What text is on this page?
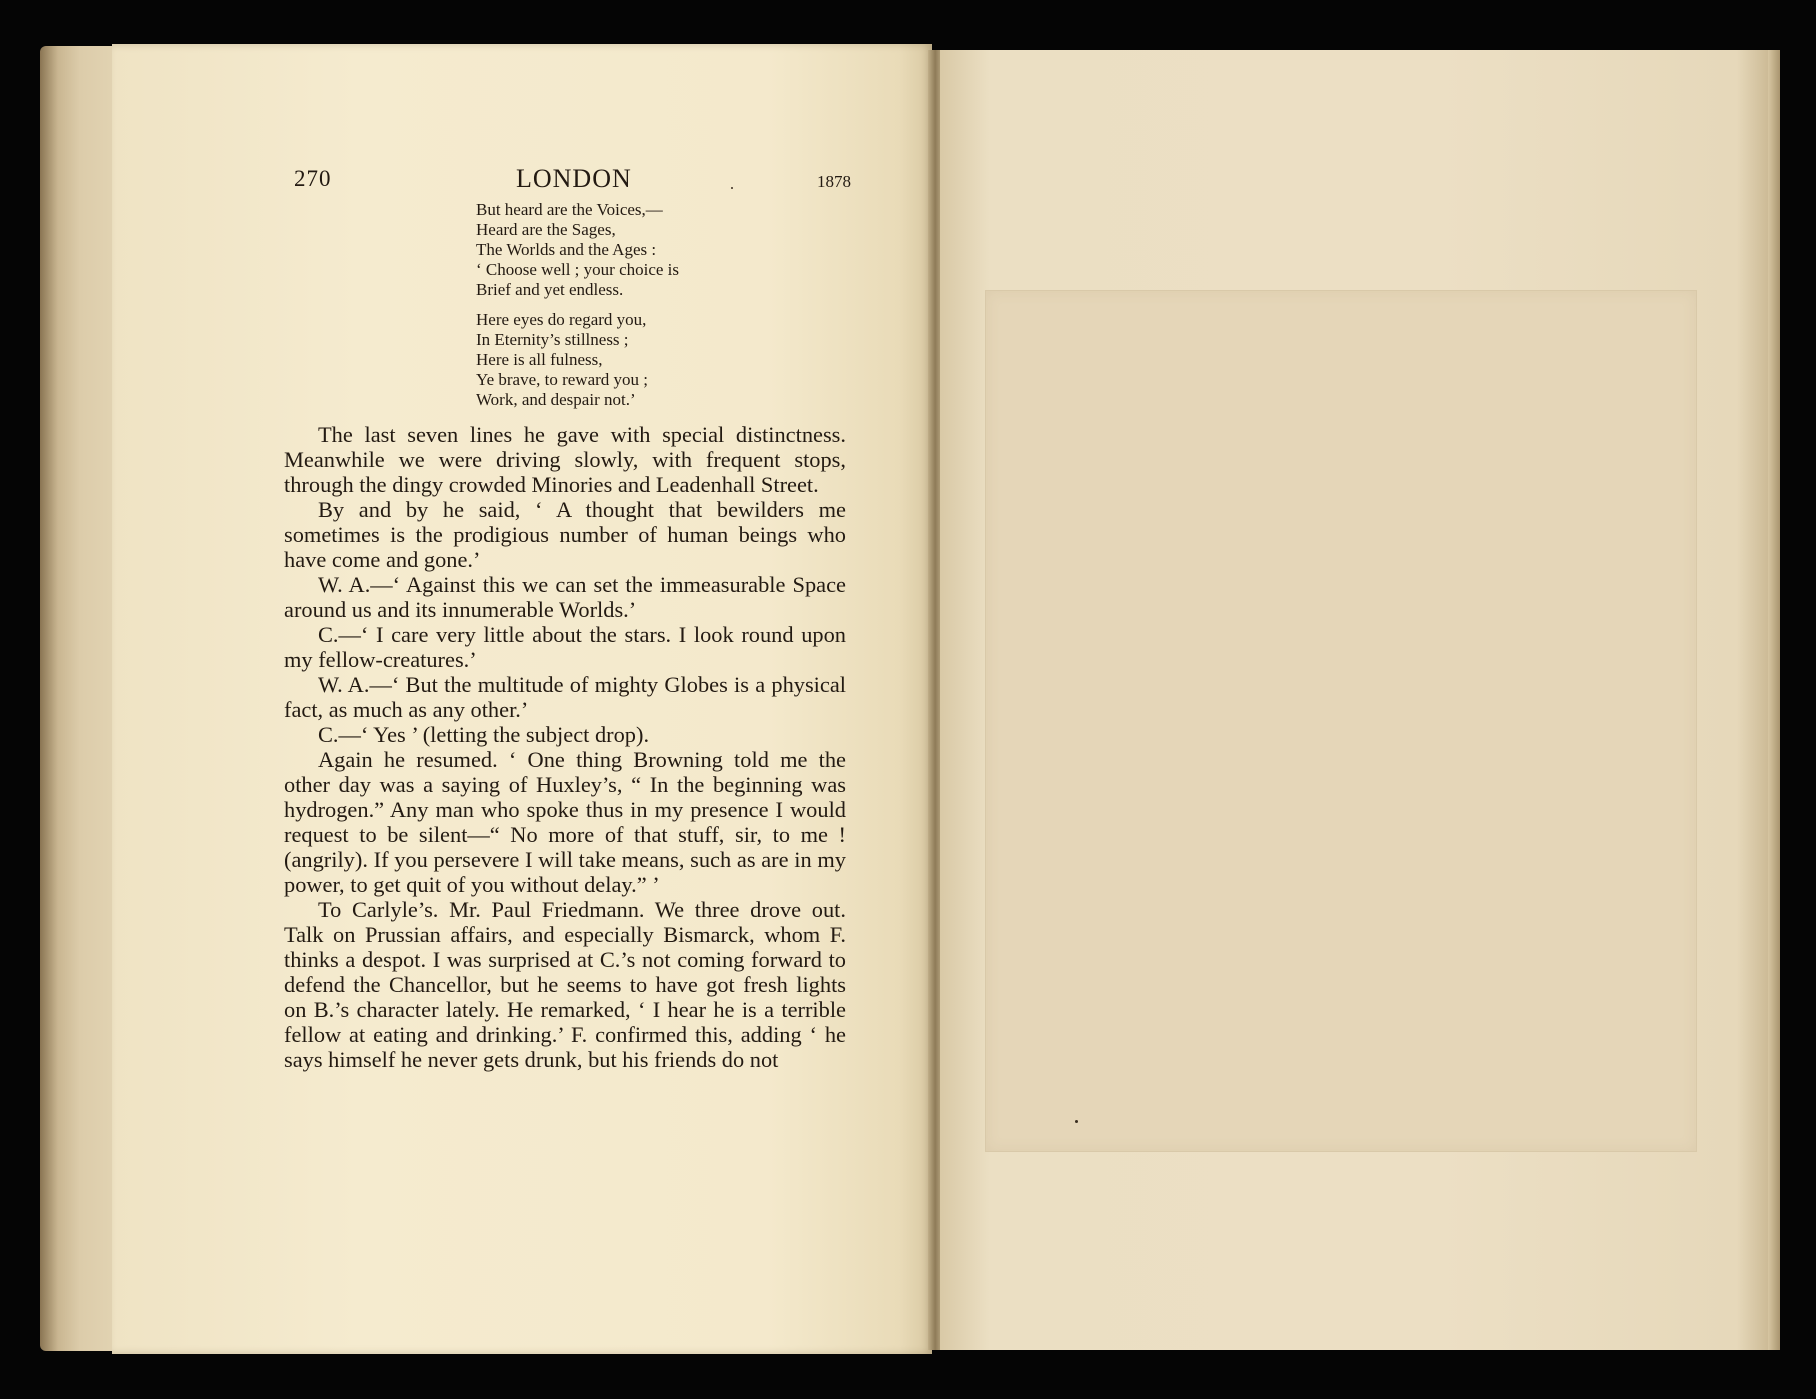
270	LONDON	1878
But heard are the Voices,—
Heard are the Sages,
The Worlds and the Ages :
‘ Choose well ; your choice is
Brief and yet endless.
Here eyes do regard you,
In Eternity’s stillness ;
Here is all fulness,
Ye brave, to reward you ;
Work, and despair not.’

The last seven lines he gave with special distinctness. Meanwhile we were driving slowly, with frequent stops, through the dingy crowded Minories and Leadenhall Street.

By and by he said, ‘ A thought that bewilders me sometimes is the prodigious number of human beings who have come and gone.’

W. A.—‘ Against this we can set the immeasurable Space around us and its innumerable Worlds.’

C.—‘ I care very little about the stars. I look round upon my fellow-creatures.’

W. A.—‘ But the multitude of mighty Globes is a physical fact, as much as any other.’

C.—‘ Yes ’ (letting the subject drop).

Again he resumed. ‘ One thing Browning told me the other day was a saying of Huxley’s, “ In the beginning was hydrogen.” Any man who spoke thus in my presence I would request to be silent—“ No more of that stuff, sir, to me ! (angrily). If you persevere I will take means, such as are in my power, to get quit of you without delay.” ’

To Carlyle’s. Mr. Paul Friedmann. We three drove out. Talk on Prussian affairs, and especially Bismarck, whom F. thinks a despot. I was surprised at C.’s not coming forward to defend the Chancellor, but he seems to have got fresh lights on B.’s character lately. He remarked, ‘ I hear he is a terrible fellow at eating and drinking.’ F. confirmed this, adding ‘ he says himself he never gets drunk, but his friends do not
